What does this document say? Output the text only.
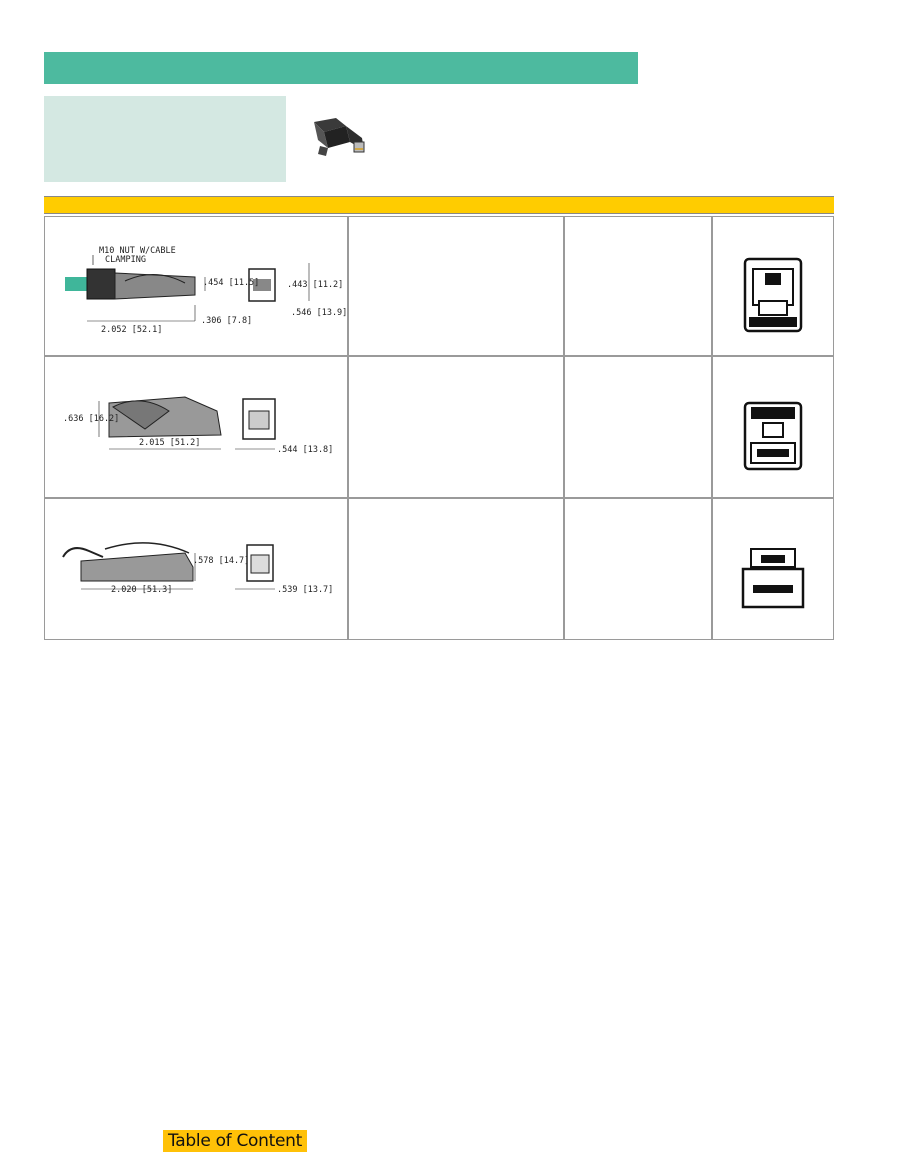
M10 NUT W/CABLE
CLAMPING
.454 [11.5]
2.052 [52.1]
.306 [7.8]
.443 [11.2]
.546 [13.9]
.636 [16.2]
2.015 [51.2]
.544 [13.8]
.578 [14.7]
2.020 [51.3]	.539 [13.7]
Table of Content
